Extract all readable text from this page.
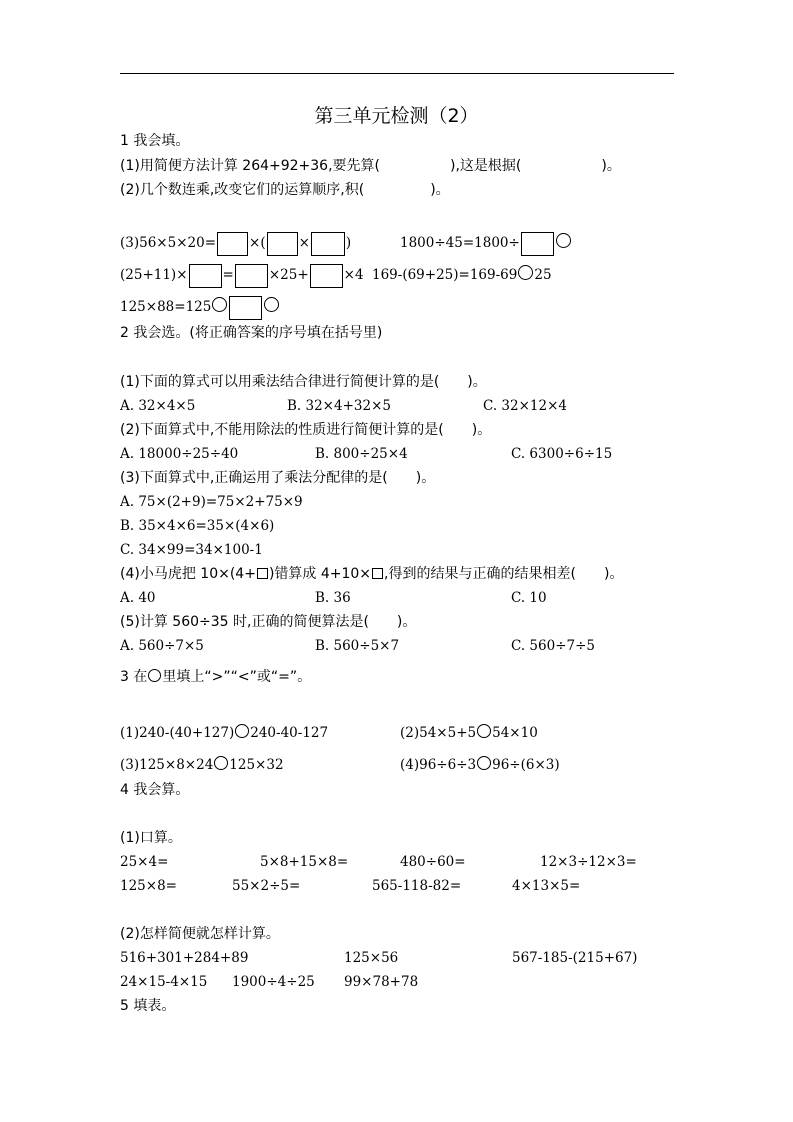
第三单元检测（2）
1 我会填。
(1)用简便方法计算 264+92+36,要先算(	),这是根据(	)。
(2)几个数连乘,改变它们的运算顺序,积(	)。
(3)56×5×20= ×( ×	)	1800÷45=1800÷
(25+11)×	=	×25+	×4 169-(69+25)=169-69 25
125×88=125
2 我会选。(将正确答案的序号填在括号里)
(1)下面的算式可以用乘法结合律进行简便计算的是(　　)。
A. 32×4×5	B. 32×4+32×5	C. 32×12×4
(2)下面算式中,不能用除法的性质进行简便计算的是(　　)。
A. 18000÷25÷40	B. 800÷25×4	C. 6300÷6÷15
(3)下面算式中,正确运用了乘法分配律的是(　　)。
A. 75×(2+9)=75×2+75×9
B. 35×4×6=35×(4×6)
C. 34×99=34×100-1
(4)小马虎把 10×(4+ )错算成 4+10× ,得到的结果与正确的结果相差(　　)。
A. 40	B. 36	C. 10
(5)计算 560÷35 时,正确的简便算法是(　　)。
A. 560÷7×5	B. 560÷5×7	C. 560÷7÷5
3 在 里填上“>”“<”或“=”。
(1)240-(40+127) 240-40-127	(2)54×5+5 54×10
(3)125×8×24 125×32	(4)96÷6÷3 96÷(6×3)
4 我会算。
(1)口算。
25×4=	5×8+15×8=	480÷60=	12×3÷12×3=
125×8=	55×2÷5=	565-118-82=	4×13×5=
(2)怎样简便就怎样计算。
516+301+284+89	125×56	567-185-(215+67)
24×15-4×15 1900÷4÷25 99×78+78
5 填表。
